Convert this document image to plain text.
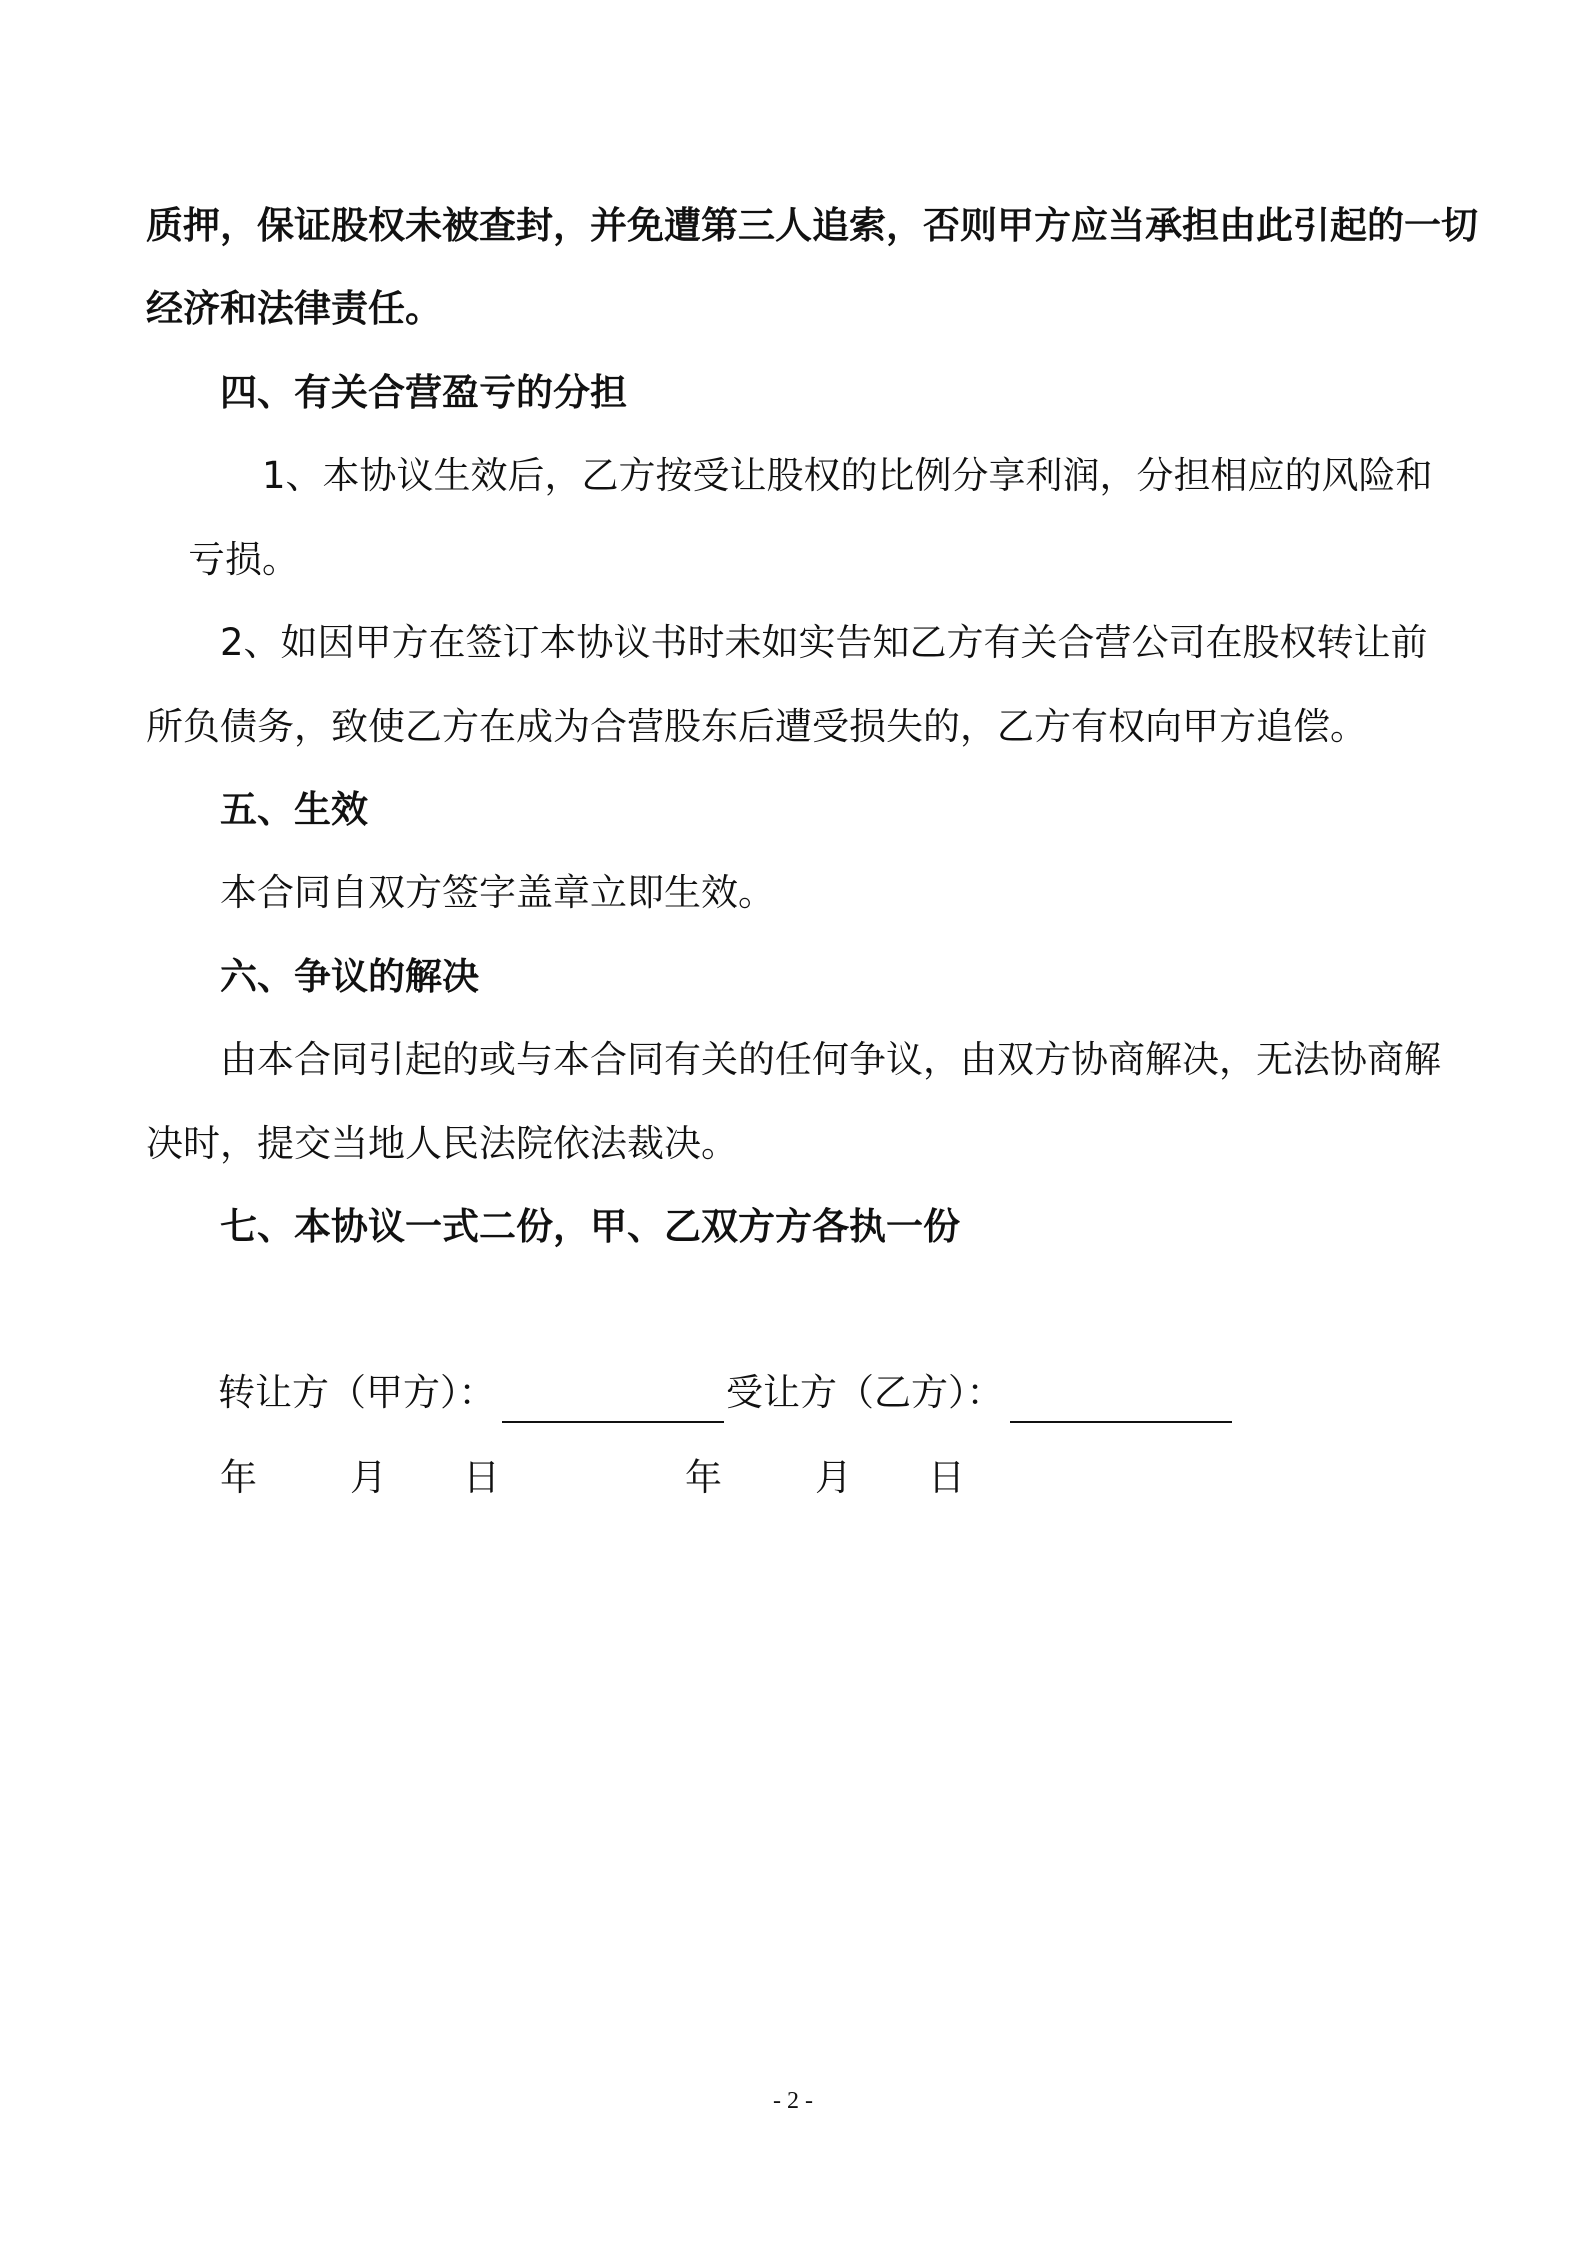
质押，保证股权未被查封，并免遭第三人追索，否则甲方应当承担由此引起的一切

经济和法律责任。

四、有关合营盈亏的分担

1、本协议生效后，乙方按受让股权的比例分享利润，分担相应的风险和

亏损。

2、如因甲方在签订本协议书时未如实告知乙方有关合营公司在股权转让前

所负债务，致使乙方在成为合营股东后遭受损失的，乙方有权向甲方追偿。

五、生效

本合同自双方签字盖章立即生效。

六、争议的解决

由本合同引起的或与本合同有关的任何争议，由双方协商解决，无法协商解

决时，提交当地人民法院依法裁决。

七、本协议一式二份，甲、乙双方方各执一份

转让方（甲方）：	受让方（乙方）：
年	月 日	年	月 日
- 2 -
